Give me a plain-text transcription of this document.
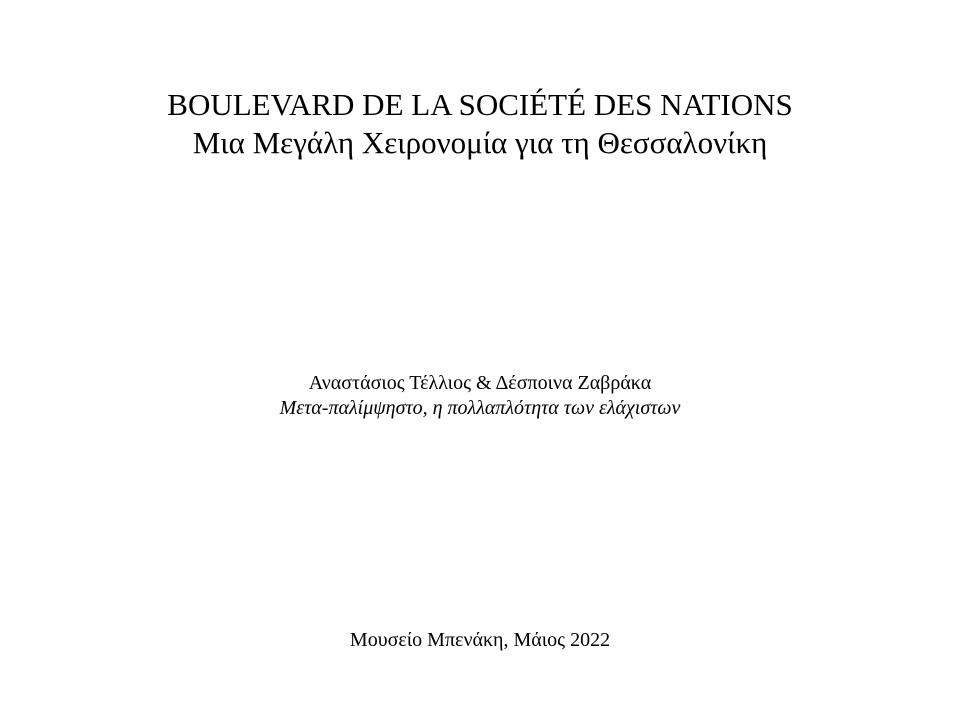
BOULEVARD DE LA SOCIÉTÉ DES NATIONS
Μια Μεγάλη Χειρονομία για τη Θεσσαλονίκη
Αναστάσιος Τέλλιος & Δέσποινα Ζαβράκα
Μετα-παλίμψηστο, η πολλαπλότητα των ελάχιστων
Μουσείο Μπενάκη, Μάιος 2022
